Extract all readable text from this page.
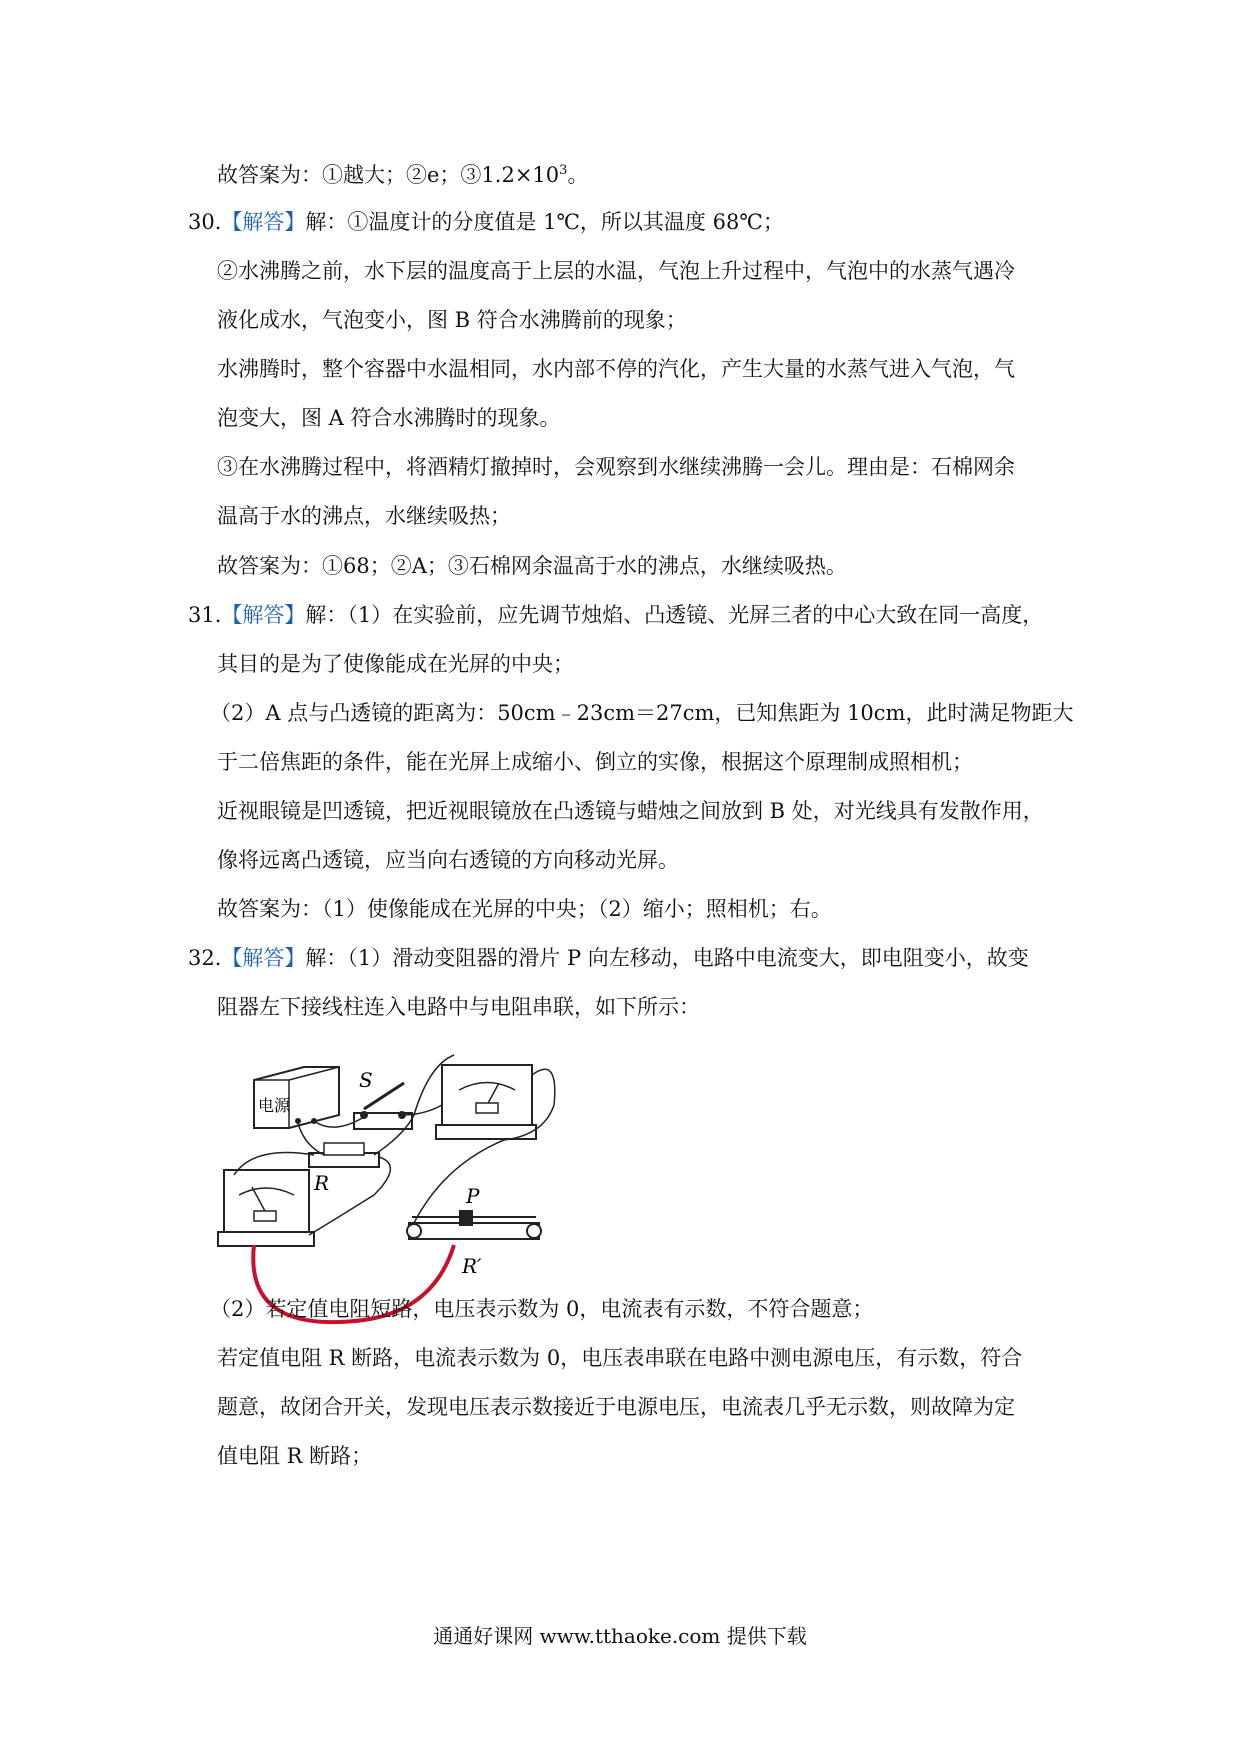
故答案为：①越大；②e；$③1.2\times 10^3$。
30.【解答】解：①温度计的分度值是 1℃，所以其温度 68℃；
②水沸腾之前，水下层的温度高于上层的水温，气泡上升过程中，气泡中的水蒸气遇冷
液化成水，气泡变小，图 B 符合水沸腾前的现象；
水沸腾时，整个容器中水温相同，水内部不停的汽化，产生大量的水蒸气进入气泡，气
泡变大，图 A 符合水沸腾时的现象。
③在水沸腾过程中，将酒精灯撤掉时，会观察到水继续沸腾一会儿。理由是：石棉网余
温高于水的沸点，水继续吸热；
故答案为：①68；②A；③石棉网余温高于水的沸点，水继续吸热。
31.【解答】解：（1）在实验前，应先调节烛焰、凸透镜、光屏三者的中心大致在同一高度，
其目的是为了使像能成在光屏的中央；
（2）A 点与凸透镜的距离为：50cm﹣23cm＝27cm，已知焦距为 10cm，此时满足物距大
于二倍焦距的条件，能在光屏上成缩小、倒立的实像，根据这个原理制成照相机；
近视眼镜是凹透镜，把近视眼镜放在凸透镜与蜡烛之间放到 B 处，对光线具有发散作用，
像将远离凸透镜，应当向右透镜的方向移动光屏。
故答案为：（1）使像能成在光屏的中央；（2）缩小；照相机；右。
32.【解答】解：（1）滑动变阻器的滑片 P 向左移动，电路中电流变大，即电阻变小，故变
阻器左下接线柱连入电路中与电阻串联，如下所示：
电源
S
R
P
R′
（2）若定值电阻短路，电压表示数为 0，电流表有示数，不符合题意；
若定值电阻 R 断路，电流表示数为 0，电压表串联在电路中测电源电压，有示数，符合
题意，故闭合开关，发现电压表示数接近于电源电压，电流表几乎无示数，则故障为定
值电阻 R 断路；
通通好课网 www.tthaoke.com 提供下载
